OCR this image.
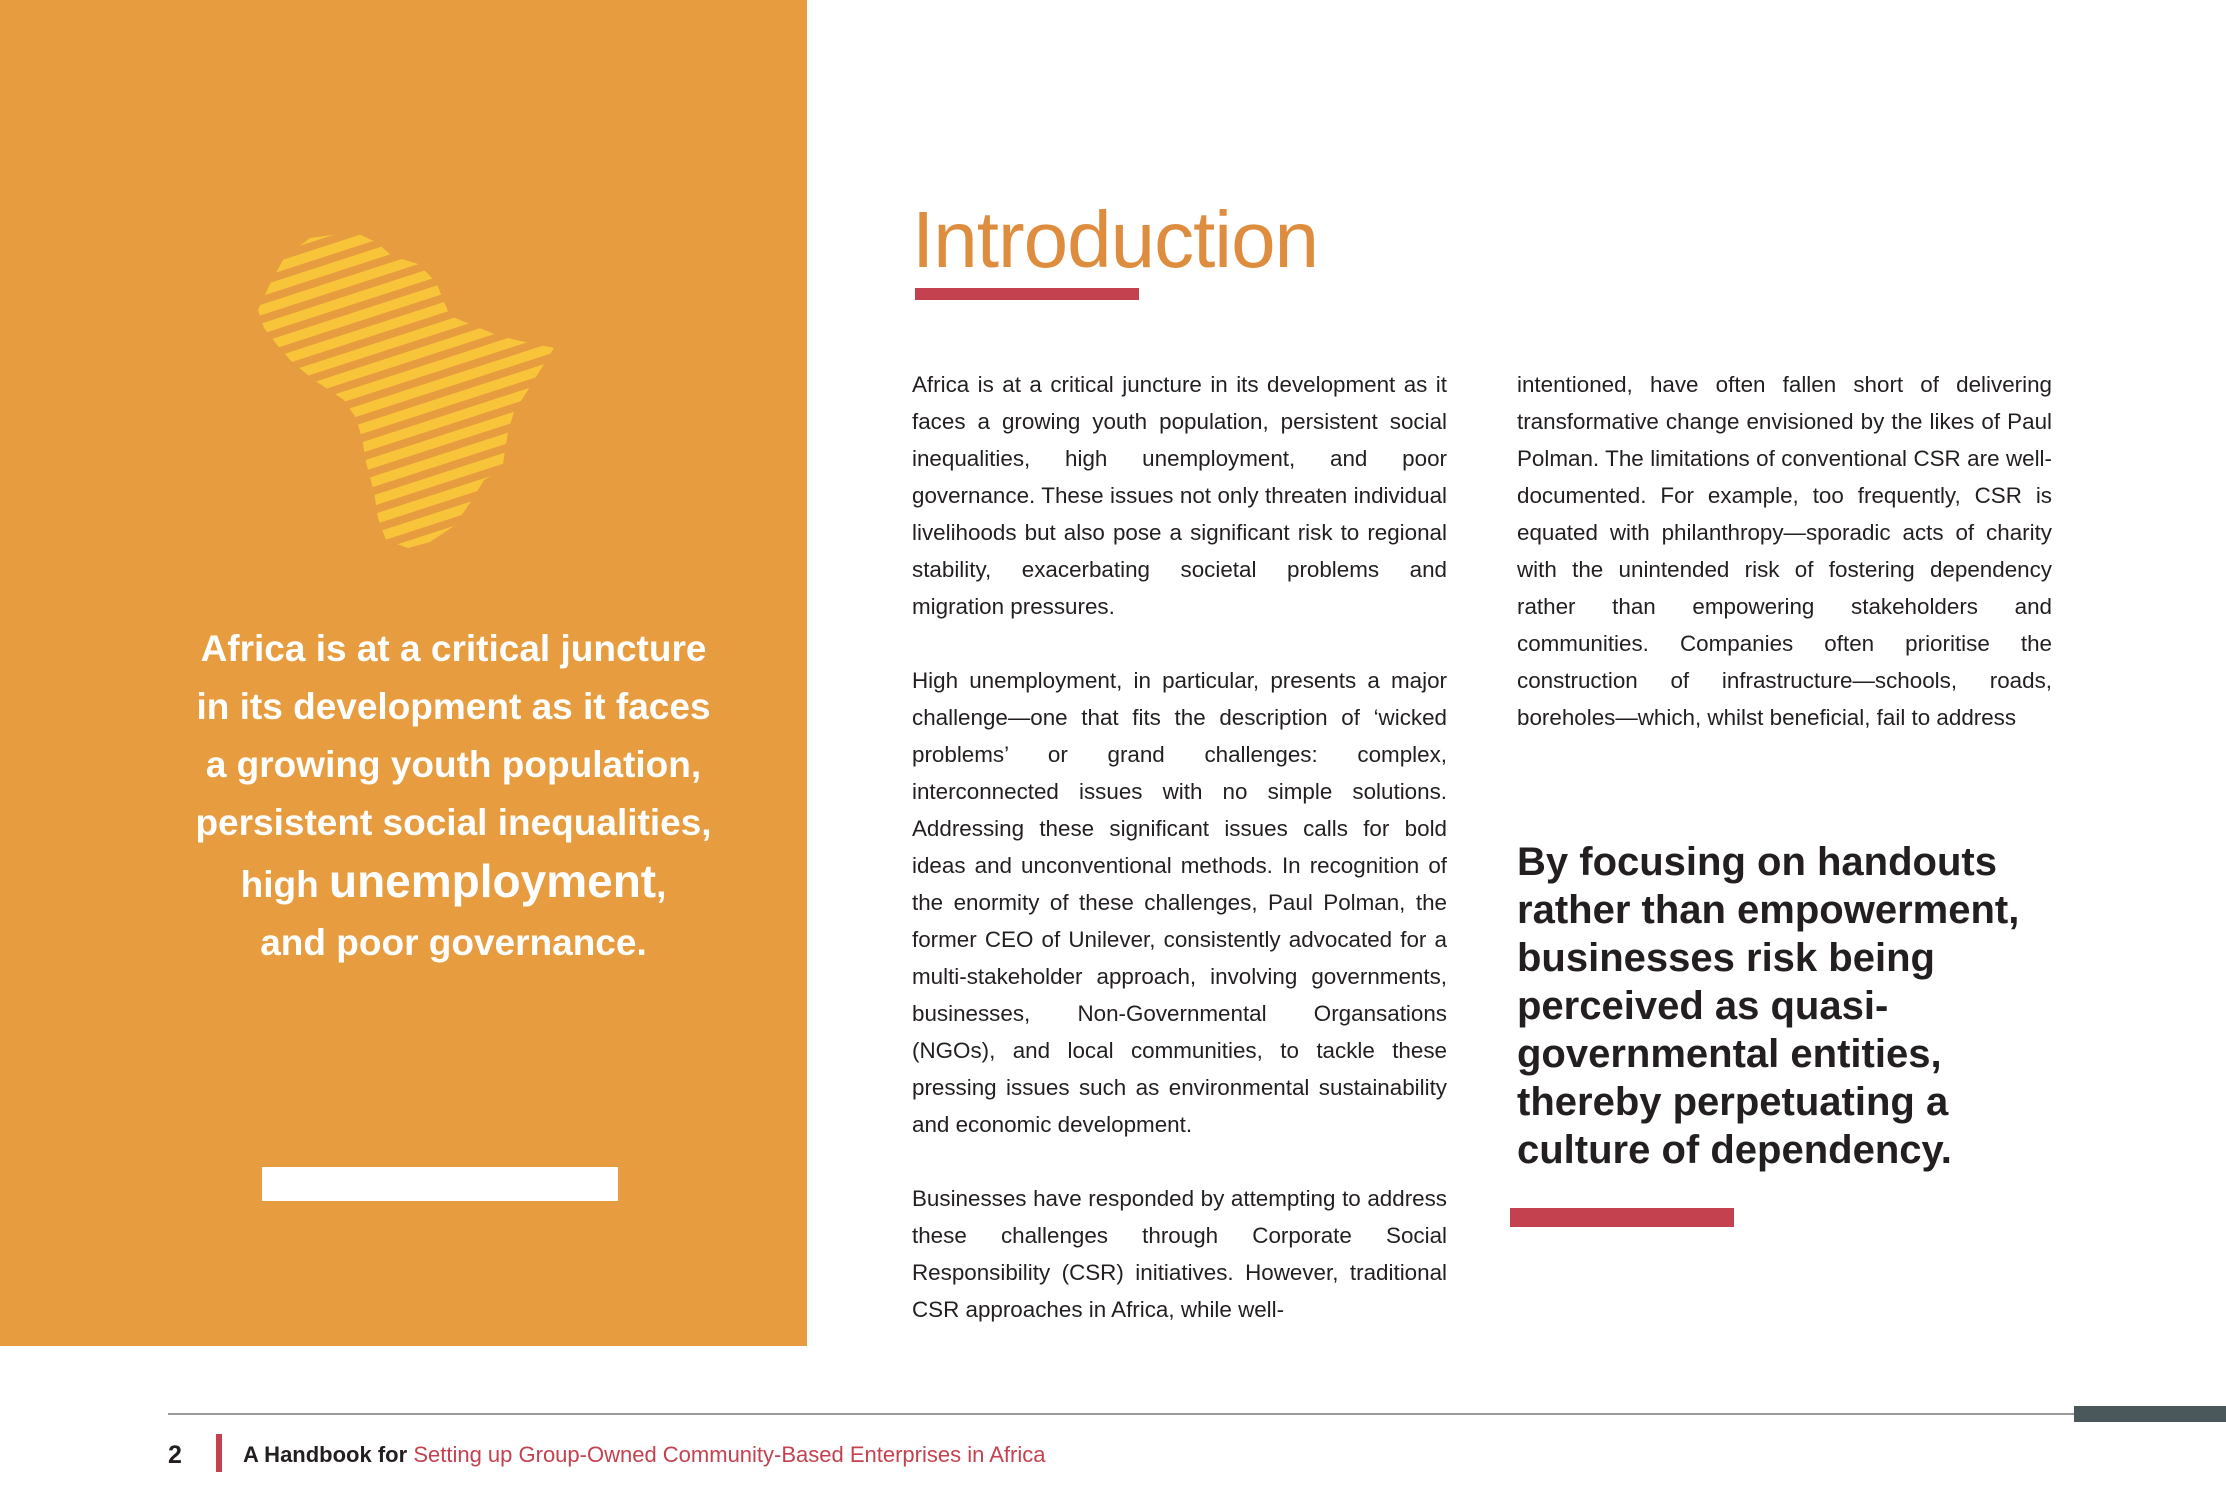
Africa is at a critical juncture
in its development as it faces
a growing youth population,
persistent social inequalities,
high unemployment,
and poor governance.
Introduction

Africa is at a critical juncture in its development as it faces a growing youth population, persistent social inequalities, high unemployment, and poor governance. These issues not only threaten individual livelihoods but also pose a significant risk to regional stability, exacerbating societal problems and migration pressures.

High unemployment, in particular, presents a major challenge—one that fits the description of ‘wicked problems’ or grand challenges: complex, interconnected issues with no simple solutions. Addressing these significant issues calls for bold ideas and unconventional methods. In recognition of the enormity of these challenges, Paul Polman, the former CEO of Unilever, consistently advocated for a multi-stakeholder approach, involving governments, businesses, Non-Governmental Organsations (NGOs), and local communities, to tackle these pressing issues such as environmental sustainability and economic development.

Businesses have responded by attempting to address these challenges through Corporate Social Responsibility (CSR) initiatives. However, traditional CSR approaches in Africa, while well-

intentioned, have often fallen short of delivering transformative change envisioned by the likes of Paul Polman. The limitations of conventional CSR are well-documented. For example, too frequently, CSR is equated with philanthropy—sporadic acts of charity with the unintended risk of fostering dependency rather than empowering stakeholders and communities. Companies often prioritise the construction of infrastructure—schools, roads, boreholes—which, whilst beneficial, fail to address

By focusing on handouts rather than empowerment, businesses risk being perceived as quasi-governmental entities, thereby perpetuating a culture of dependency.

2	A Handbook for Setting up Group-Owned Community-Based Enterprises in Africa
